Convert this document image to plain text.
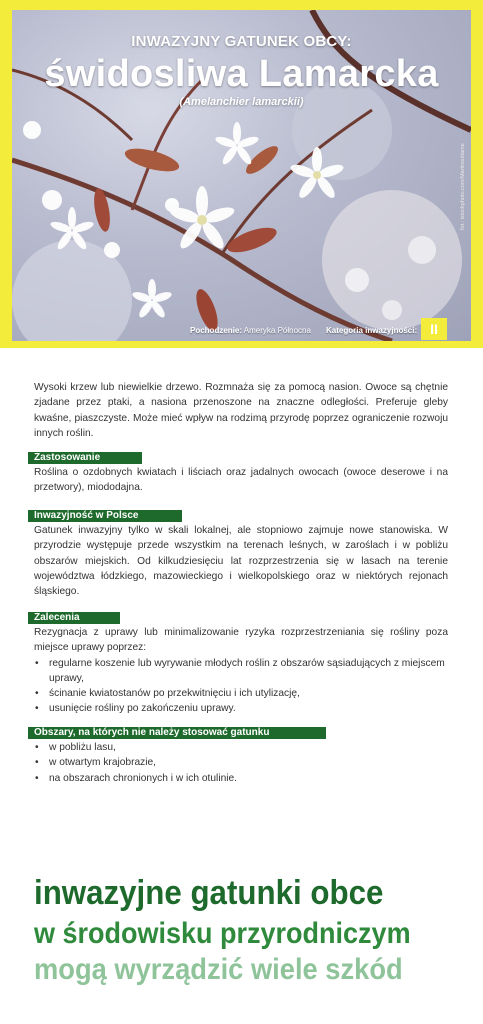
INWAZYJNY GATUNEK OBCY:
świdosliwa Lamarcka
(Amelanchier lamarckii)
Pochodzenie: Ameryka Północna Kategoria inwazyjności: II
fot.: istockphoto.com/Martinsuttame

Wysoki krzew lub niewielkie drzewo. Rozmnaża się za pomocą nasion. Owoce są chętnie zjadane przez ptaki, a nasiona przenoszone na znaczne odległości. Preferuje gleby kwaśne, piaszczyste. Może mieć wpływ na rodzimą przyrodę poprzez ograniczenie rozwoju innych roślin.

Zastosowanie

Roślina o ozdobnych kwiatach i liściach oraz jadalnych owocach (owoce deserowe i na przetwory), miododajna.

Inwazyjność w Polsce

Gatunek inwazyjny tylko w skali lokalnej, ale stopniowo zajmuje nowe stanowiska. W przyrodzie występuje przede wszystkim na terenach leśnych, w zaroślach i w pobliżu obszarów miejskich. Od kilkudziesięciu lat rozprzestrzenia się w lasach na terenie województwa łódzkiego, mazowieckiego i wielkopolskiego oraz w niektórych rejonach śląskiego.

Zalecenia

Rezygnacja z uprawy lub minimalizowanie ryzyka rozprzestrzeniania się rośliny poza miejsce uprawy poprzez:

• regularne koszenie lub wyrywanie młodych roślin z obszarów sąsiadujących z miejscem uprawy,
• ścinanie kwiatostanów po przekwitnięciu i ich utylizację,
• usunięcie rośliny po zakończeniu uprawy.
Obszary, na których nie należy stosować gatunku
• w pobliżu lasu,
• w otwartym krajobrazie,
• na obszarach chronionych i w ich otulinie.
inwazyjne gatunki obce
w środowisku przyrodniczym
mogą wyrządzić wiele szkód
